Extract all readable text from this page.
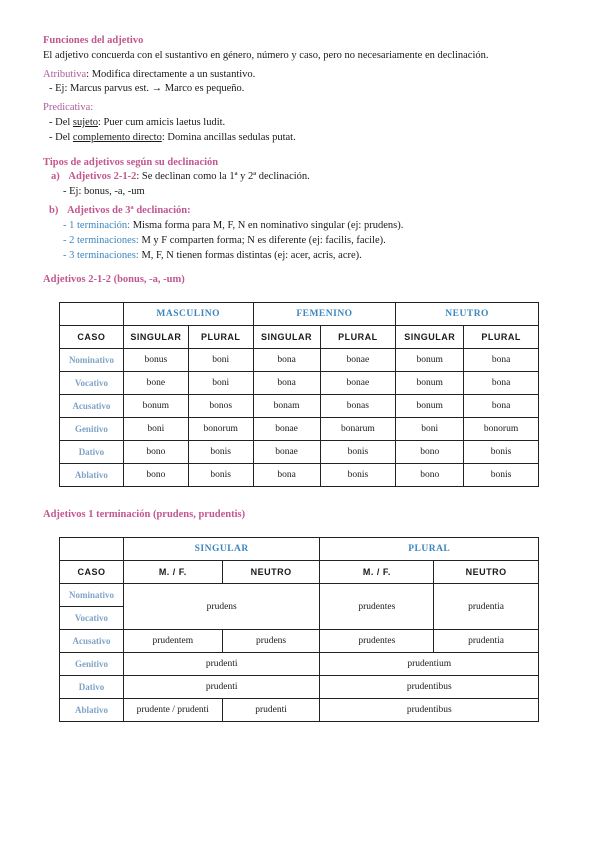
Funciones del adjetivo
El adjetivo concuerda con el sustantivo en género, número y caso, pero no necesariamente en declinación.
Atributiva: Modifica directamente a un sustantivo.
- Ej: Marcus parvus est. → Marco es pequeño.
Predicativa:
- Del sujeto: Puer cum amicis laetus ludit.
- Del complemento directo: Domina ancillas sedulas putat.
Tipos de adjetivos según su declinación
a) Adjetivos 2-1-2: Se declinan como la 1ª y 2ª declinación.
- Ej: bonus, -a, -um
b) Adjetivos de 3ª declinación:
- 1 terminación: Misma forma para M, F, N en nominativo singular (ej: prudens).
- 2 terminaciones: M y F comparten forma; N es diferente (ej: facilis, facile).
- 3 terminaciones: M, F, N tienen formas distintas (ej: acer, acris, acre).
Adjetivos 2-1-2 (bonus, -a, -um)
	MASCULINO		FEMENINO		NEUTRO	
CASO	SINGULAR	PLURAL	SINGULAR	PLURAL	SINGULAR	PLURAL
Nominativo	bonus	boni	bona	bonae	bonum	bona
Vocativo	bone	boni	bona	bonae	bonum	bona
Acusativo	bonum	bonos	bonam	bonas	bonum	bona
Genitivo	boni	bonorum	bonae	bonarum	boni	bonorum
Dativo	bono	bonis	bonae	bonis	bono	bonis
Ablativo	bono	bonis	bona	bonis	bono	bonis
Adjetivos 1 terminación (prudens, prudentis)
	SINGULAR		PLURAL	
CASO	M. / F.	NEUTRO	M. / F.	NEUTRO
Nominativo	prudens		prudentes	prudentia
Vocativo				
Acusativo	prudentem	prudens	prudentes	prudentia
Genitivo	prudenti		prudentium	
Dativo	prudenti		prudentibus	
Ablativo	prudente / prudenti	prudenti	prudentibus	
